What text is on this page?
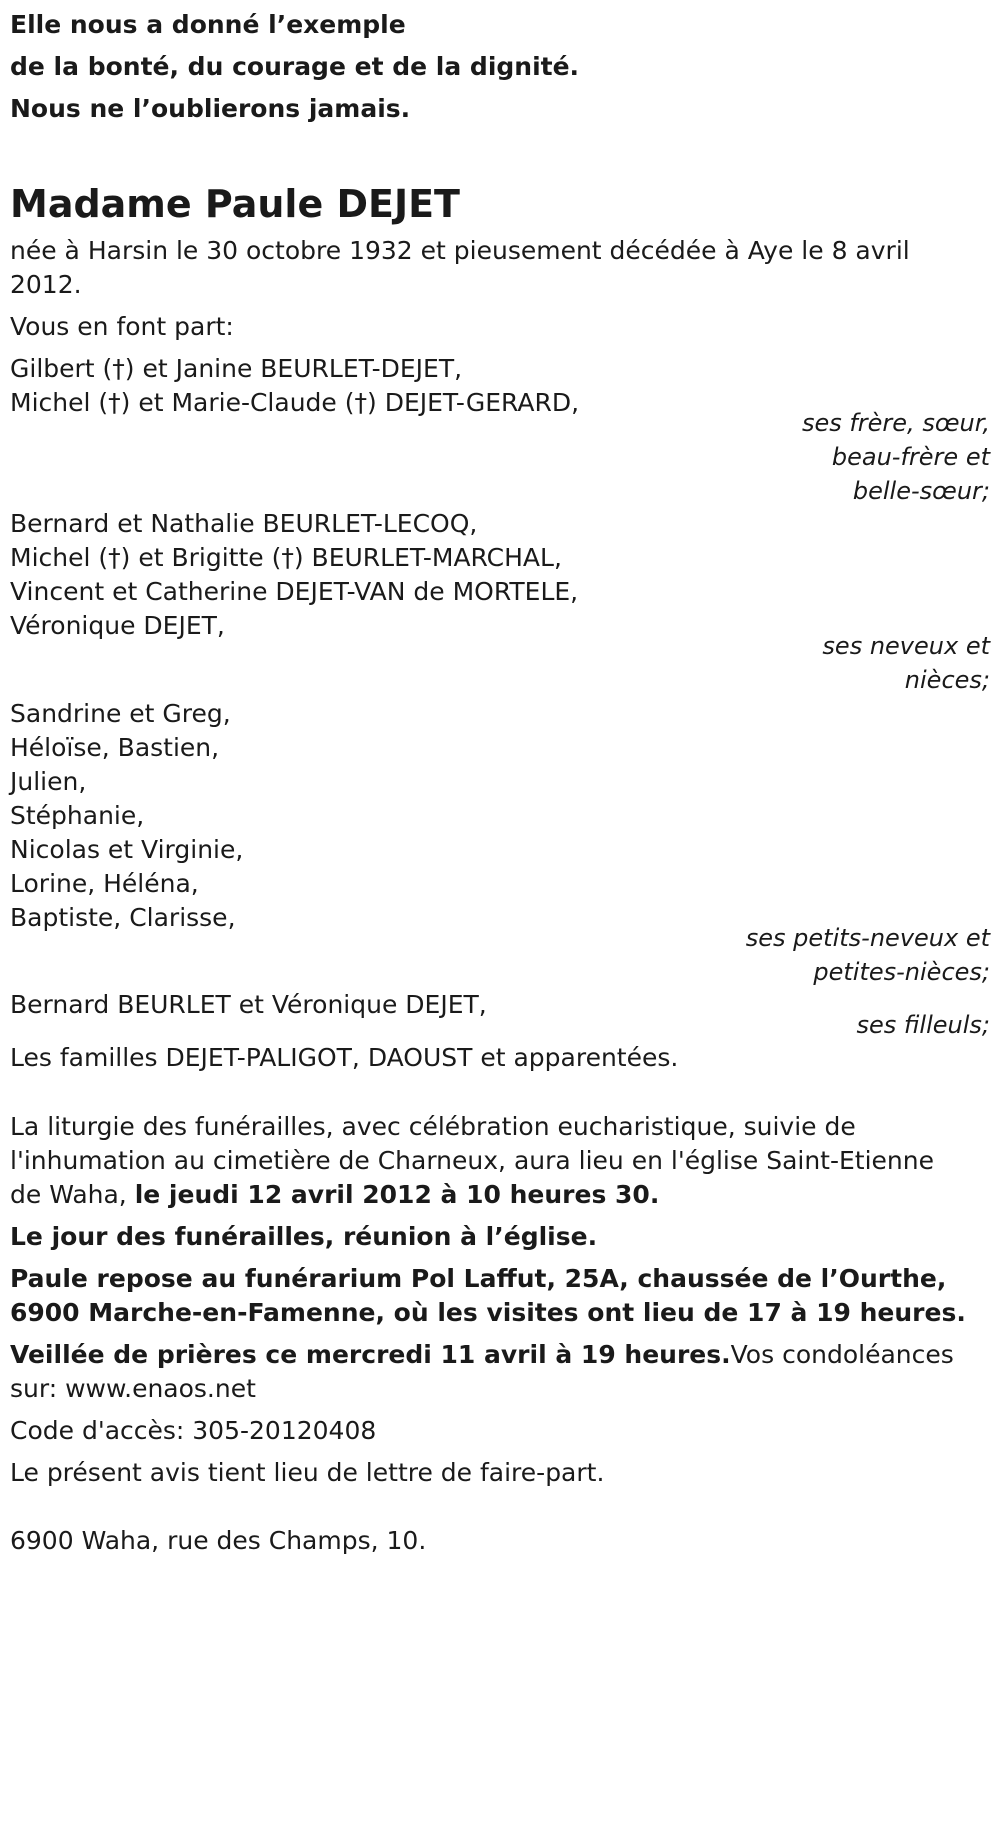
Elle nous a donné l’exemple
de la bonté, du courage et de la dignité.
Nous ne l’oublierons jamais.
Madame Paule DEJET
née à Harsin le 30 octobre 1932 et pieusement décédée à Aye le 8 avril
2012.
Vous en font part:
Gilbert (†) et Janine BEURLET-DEJET,
Michel (†) et Marie-Claude (†) DEJET-GERARD,
ses frère, sœur,
beau-frère et
belle-sœur;
Bernard et Nathalie BEURLET-LECOQ,
Michel (†) et Brigitte (†) BEURLET-MARCHAL,
Vincent et Catherine DEJET-VAN de MORTELE,
Véronique DEJET,
ses neveux et
nièces;
Sandrine et Greg,
Héloïse, Bastien,
Julien,
Stéphanie,
Nicolas et Virginie,
Lorine, Héléna,
Baptiste, Clarisse,
ses petits-neveux et
petites-nièces;
Bernard BEURLET et Véronique DEJET,
ses filleuls;
Les familles DEJET-PALIGOT, DAOUST et apparentées.
La liturgie des funérailles, avec célébration eucharistique, suivie de
l'inhumation au cimetière de Charneux, aura lieu en l'église Saint-Etienne
de Waha, le jeudi 12 avril 2012 à 10 heures 30.
Le jour des funérailles, réunion à l’église.
Paule repose au funérarium Pol Laffut, 25A, chaussée de l’Ourthe,
6900 Marche-en-Famenne, où les visites ont lieu de 17 à 19 heures.
Veillée de prières ce mercredi 11 avril à 19 heures.Vos condoléances
sur: www.enaos.net
Code d'accès: 305-20120408
Le présent avis tient lieu de lettre de faire-part.
6900 Waha, rue des Champs, 10.
